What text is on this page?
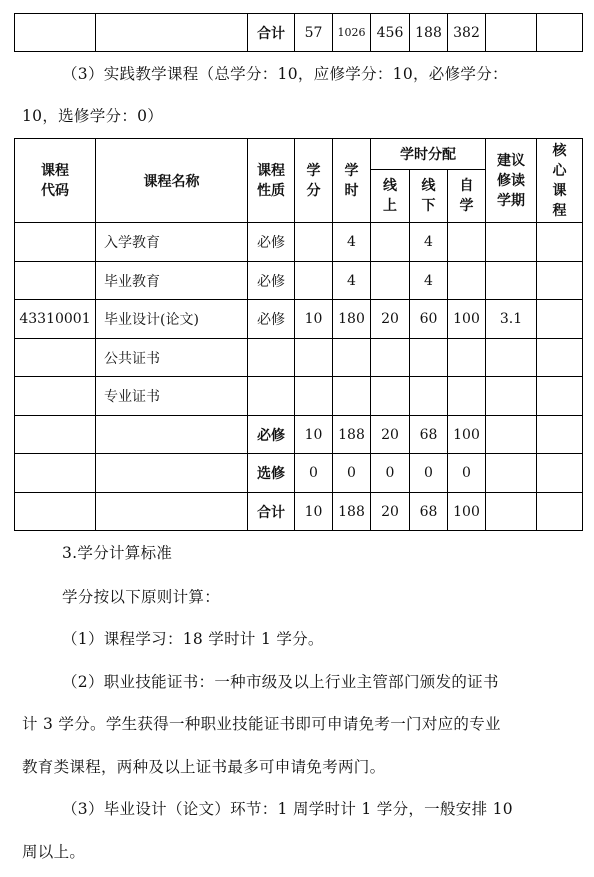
		合计	57	1026	456	188	382		

（3）实践教学课程（总学分：10，应修学分：10，必修学分：

10，选修学分：0）

课程代码	课程名称	课程性质	学分	学时	学时分配			建议修读学期	核心课程
					线上	线下	自学		
	入学教育	必修		4		4			
	毕业教育	必修		4		4			
43310001	毕业设计(论文)	必修	10	180	20	60	100	3.1	
	公共证书								
	专业证书								
		必修	10	188	20	68	100		
		选修	0	0	0	0	0		
		合计	10	188	20	68	100		

3.学分计算标准

学分按以下原则计算：

（1）课程学习：18 学时计 1 学分。

（2）职业技能证书：一种市级及以上行业主管部门颁发的证书

计 3 学分。学生获得一种职业技能证书即可申请免考一门对应的专业

教育类课程，两种及以上证书最多可申请免考两门。

（3）毕业设计（论文）环节：1 周学时计 1 学分，一般安排 10

周以上。
